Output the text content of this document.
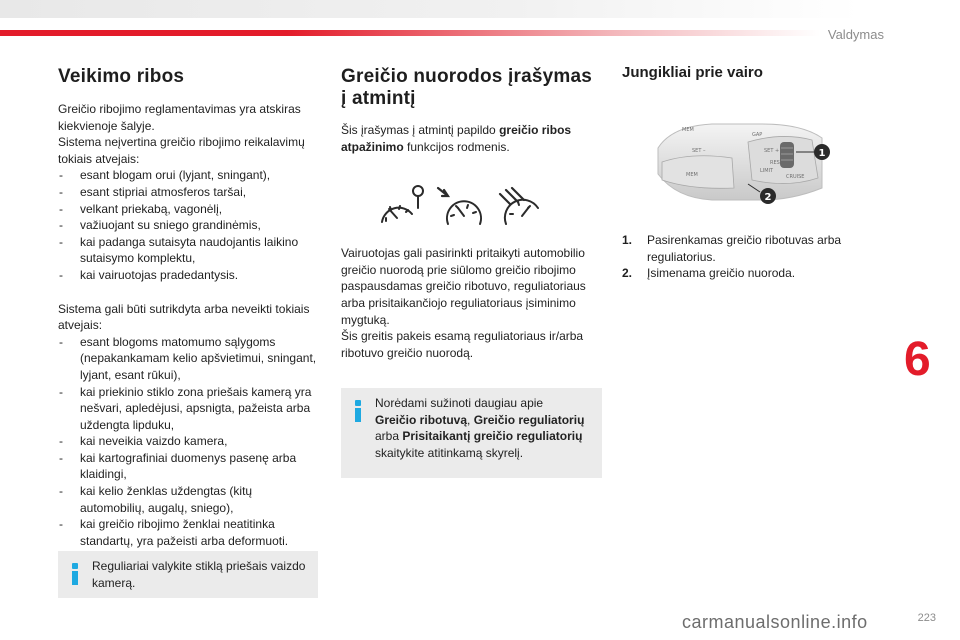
Valdymas
Veikimo ribos

Greičio ribojimo reglamentavimas yra atskiras kiekvienoje šalyje.

Sistema neįvertina greičio ribojimo reikalavimų tokiais atvejais:

- esant blogam orui (lyjant, sningant),
- esant stipriai atmosferos taršai,
- velkant priekabą, vagonėlį,
- važiuojant su sniego grandinėmis,
- kai padanga sutaisyta naudojantis laikino sutaisymo komplektu,
- kai vairuotojas pradedantysis.

Sistema gali būti sutrikdyta arba neveikti tokiais atvejais:

- esant blogoms matomumo sąlygoms (nepakankamam kelio apšvietimui, sningant, lyjant, esant rūkui),
- kai priekinio stiklo zona priešais kamerą yra nešvari, apledėjusi, apsnigta, pažeista arba uždengta lipduku,
- kai neveikia vaizdo kamera,
- kai kartografiniai duomenys pasenę arba klaidingi,
- kai kelio ženklas uždengtas (kitų automobilių, augalų, sniego),
- kai greičio ribojimo ženklai neatitinka standartų, yra pažeisti arba deformuoti.

Reguliariai valykite stiklą priešais vaizdo kamerą.

Greičio nuorodos įrašymas
į atmintį

Šis įrašymas į atmintį papildo greičio ribos atpažinimo funkcijos rodmenis.

Vairuotojas gali pasirinkti pritaikyti automobilio greičio nuorodą prie siūlomo greičio ribojimo paspausdamas greičio ribotuvo, reguliatoriaus arba prisitaikančiojo reguliatoriaus įsiminimo mygtuką.

Šis greitis pakeis esamą reguliatoriaus ir/arba ribotuvo greičio nuorodą.

Norėdami sužinoti daugiau apie
Greičio ribotuvą, Greičio reguliatorių
arba Prisitaikantį greičio reguliatorių
skaitykite atitinkamą skyrelį.

Jungikliai prie vairo
1. Pasirenkamas greičio ribotuvas arba reguliatorius.
2. Įsimenama greičio nuoroda.
MEM
MEM
SET –	SET +
RES
CRUISE
GAP
LIMIT
1
2
6
carmanualsonline.info	223
